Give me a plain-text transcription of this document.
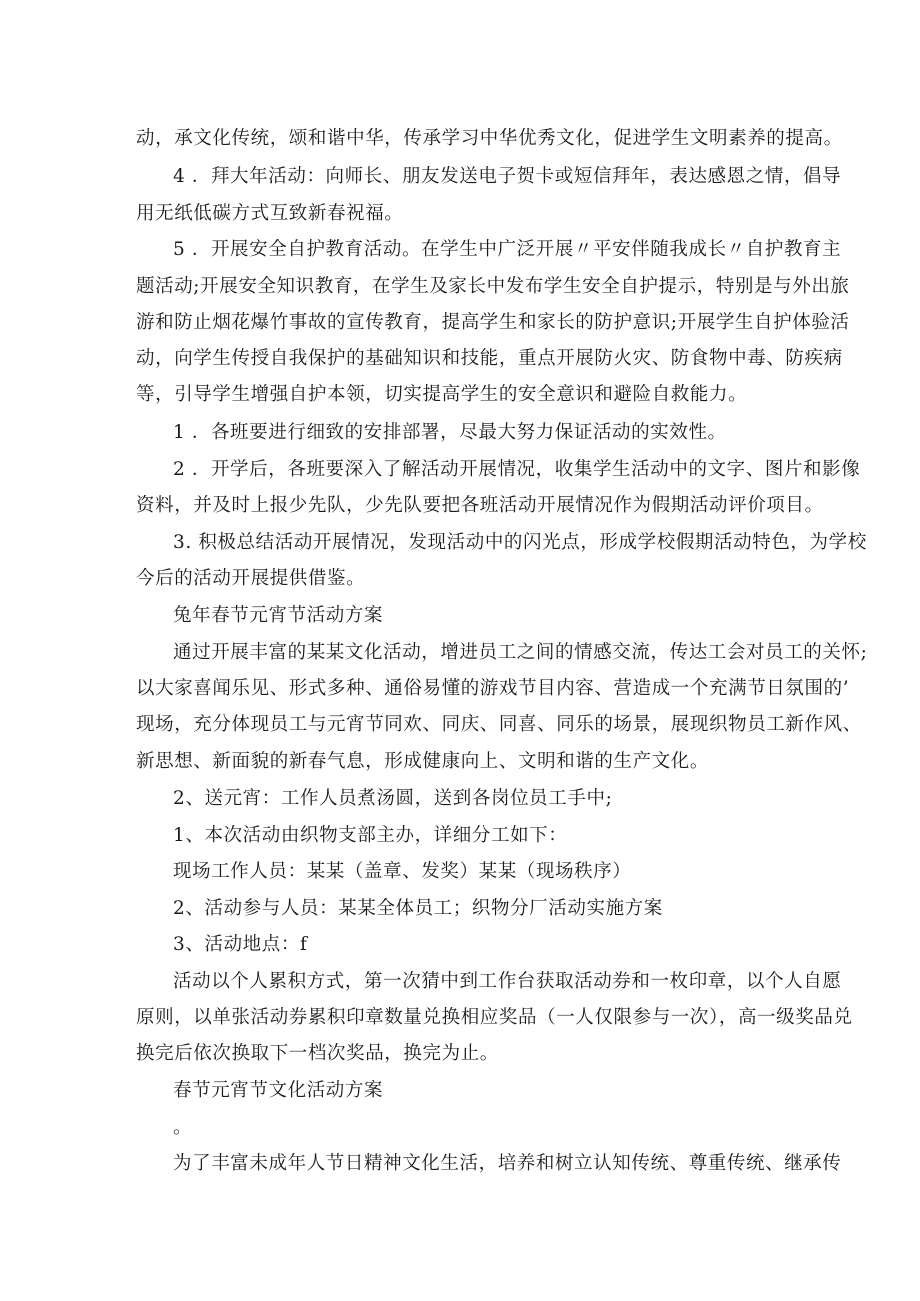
动，承文化传统，颂和谐中华，传承学习中华优秀文化，促进学生文明素养的提高。
4 ．拜大年活动：向师长、朋友发送电子贺卡或短信拜年，表达感恩之情，倡导
用无纸低碳方式互致新春祝福。
5 ．开展安全自护教育活动。在学生中广泛开展〃平安伴随我成长〃自护教育主
题活动;开展安全知识教育，在学生及家长中发布学生安全自护提示，特别是与外出旅
游和防止烟花爆竹事故的宣传教育，提高学生和家长的防护意识;开展学生自护体验活
动，向学生传授自我保护的基础知识和技能，重点开展防火灾、防食物中毒、防疾病
等，引导学生增强自护本领，切实提高学生的安全意识和避险自救能力。
1 ．各班要进行细致的安排部署，尽最大努力保证活动的实效性。
2 ．开学后，各班要深入了解活动开展情况，收集学生活动中的文字、图片和影像
资料，并及时上报少先队，少先队要把各班活动开展情况作为假期活动评价项目。
3. 积极总结活动开展情况，发现活动中的闪光点，形成学校假期活动特色，为学校
今后的活动开展提供借鉴。
兔年春节元宵节活动方案
通过开展丰富的某某文化活动，增进员工之间的情感交流，传达工会对员工的关怀;
以大家喜闻乐见、形式多种、通俗易懂的游戏节目内容、营造成一个充满节日氛围的’
现场，充分体现员工与元宵节同欢、同庆、同喜、同乐的场景，展现织物员工新作风、
新思想、新面貌的新春气息，形成健康向上、文明和谐的生产文化。
2、送元宵：工作人员煮汤圆，送到各岗位员工手中;
1、本次活动由织物支部主办，详细分工如下：
现场工作人员：某某（盖章、发奖）某某（现场秩序）
2、活动参与人员：某某全体员工；织物分厂活动实施方案
3、活动地点：f
活动以个人累积方式，第一次猜中到工作台获取活动券和一枚印章，以个人自愿
原则，以单张活动券累积印章数量兑换相应奖品（一人仅限参与一次），高一级奖品兑
换完后依次换取下一档次奖品，换完为止。
春节元宵节文化活动方案
。
为了丰富未成年人节日精神文化生活，培养和树立认知传统、尊重传统、继承传
